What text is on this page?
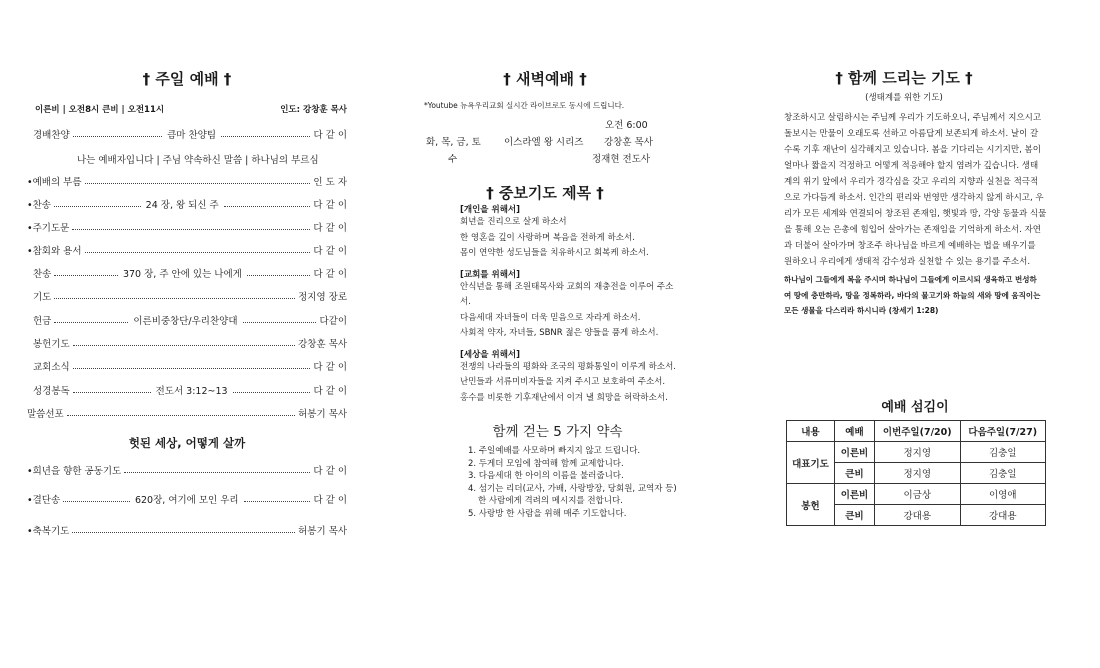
† 주일 예배 †
이른비 | 오전8시 큰비 | 오전11시	인도: 강창훈 목사
경배찬양	큼마 찬양팀	다 같 이
나는 예배자입니다 | 주님 약속하신 말씀 | 하나님의 부르심
•예배의 부름	인 도 자
•찬송	24 장, 왕 되신 주	다 같 이
•주기도문	다 같 이
•참회와 용서	다 같 이
찬송	370 장, 주 안에 있는 나에게	다 같 이
기도	정지영 장로
헌금	이른비중창단/우리찬양대	다같이
봉헌기도	강창훈 목사
교회소식	다 같 이
성경봉독	전도서 3:12~13	다 같 이
말씀선포	허봉기 목사
헛된 세상, 어떻게 살까
•희년을 향한 공동기도	다 같 이
•결단송	620장, 여기에 모인 우리	다 같 이
•축복기도	허봉기 목사
† 새벽예배 †
*Youtube 뉴욕우리교회 실시간 라이브로도 동시에 드립니다.
오전 6:00
화, 목, 금, 토 이스라엘 왕 시리즈 강창훈 목사
수	정재현 전도사
† 중보기도 제목 †
[개인을 위해서]
회년을 진리으로 살게 하소서
한 영혼을 깊이 사랑하며 복음을 전하게 하소서.
몸이 연약한 성도님들을 치유하시고 회복케 하소서.
[교회를 위해서]
안식년을 통해 조원태목사와 교회의 재충전을 이루어 주소서.
다음세대 자녀들이 더욱 믿음으로 자라게 하소서.
사회적 약자, 자녀들, SBNR 젊은 양들을 품게 하소서.
[세상을 위해서]
전쟁의 나라들의 평화와 조국의 평화통일이 이루게 하소서.
난민들과 서류미비자들을 지켜 주시고 보호하여 주소서.
홍수를 비롯한 기후재난에서 이겨 낼 희망을 허락하소서.
함께 걷는 5 가지 약속
1. 주일예배를 사모하며 빠지지 않고 드립니다.
2. 두게더 모임에 참여해 함께 교제합니다.
3. 다음세대 한 아이의 이름을 불러줍니다.
4. 섬기는 리더(교사, 가배, 사랑방장, 당회원, 교역자 등)
한 사람에게 격려의 메시지를 전합니다.
5. 사랑방 한 사람을 위해 매주 기도합니다.
† 함께 드리는 기도 †
(생태계를 위한 기도)
창조하시고 살림하시는 주님께 우리가 기도하오니, 주님께서 지으시고
돌보시는 만물이 오래도록 선하고 아름답게 보존되게 하소서. 날이 갈
수록 기후 재난이 심각해지고 있습니다. 봄을 기다리는 시기지만, 봄이
얼마나 짧을지 걱정하고 어떻게 적응해야 할지 염려가 깊습니다. 생태
계의 위기 앞에서 우리가 경각심을 갖고 우리의 지향과 실천을 적극적
으로 가다듬게 하소서. 인간의 편리와 번영만 생각하지 않게 하시고, 우
리가 모든 세계와 연결되어 창조된 존재임, 햇빛과 땅, 각양 동물과 식물
을 통해 오는 은총에 힘입어 살아가는 존재임을 기억하게 하소서. 자연
과 더불어 살아가며 창조주 하나님을 바르게 예배하는 법을 배우기를
원하오니 우리에게 생태적 감수성과 실천할 수 있는 용기를 주소서.
하나님이 그들에게 복을 주시며 하나님이 그들에게 이르시되 생육하고 번성하
여 땅에 충만하라, 땅을 정복하라, 바다의 물고기와 하늘의 새와 땅에 움직이는
모든 생물을 다스리라 하시니라 (창세기 1:28)
예배 섬김이
내용	예배	이번주일(7/20)	다음주일(7/27)
대표기도	이른비	정지영	김충일
	큰비	정지영	김충일
봉헌	이른비	이금상	이영애
	큰비	강대용	강대용
